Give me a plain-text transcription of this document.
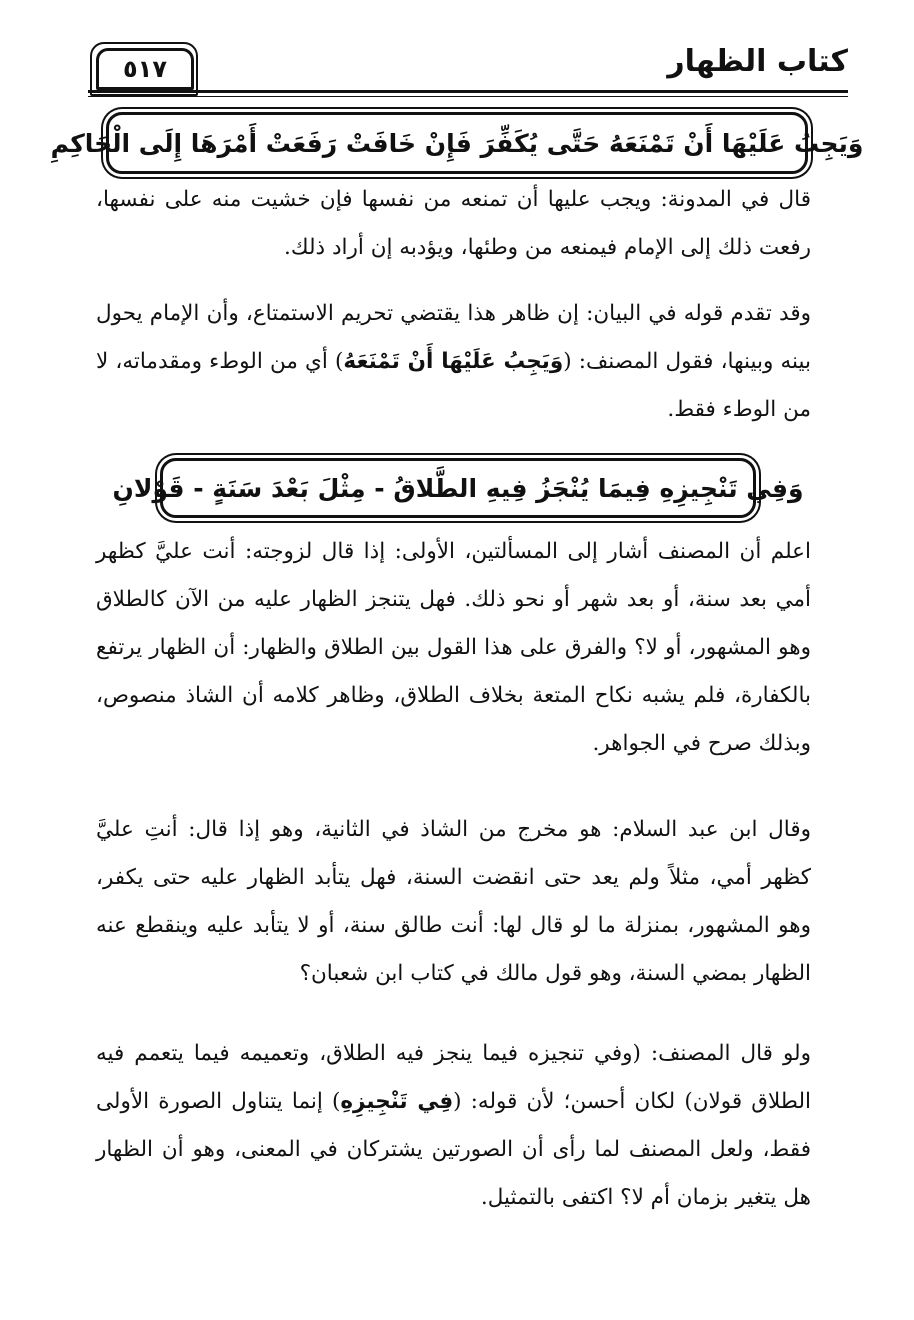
٥١٧	كتاب الظهار
وَيَجِبُ عَلَيْهَا أَنْ تَمْنَعَهُ حَتَّى يُكَفِّرَ فَإِنْ خَافَتْ رَفَعَتْ أَمْرَهَا إِلَى الْحَاكِمِ
قال في المدونة: ويجب عليها أن تمنعه من نفسها فإن خشيت منه على نفسها، رفعت ذلك إلى الإمام فيمنعه من وطئها، ويؤدبه إن أراد ذلك.
وقد تقدم قوله في البيان: إن ظاهر هذا يقتضي تحريم الاستمتاع، وأن الإمام يحول بينه وبينها، فقول المصنف: (وَيَجِبُ عَلَيْهَا أَنْ تَمْنَعَهُ) أي من الوطء ومقدماته، لا من الوطء فقط.
وَفِي تَنْجِيزِهِ فِيمَا يُنْجَزُ فِيهِ الطَّلاقُ - مِثْلَ بَعْدَ سَنَةٍ - قَوْلانِ
اعلم أن المصنف أشار إلى المسألتين، الأولى: إذا قال لزوجته: أنت عليَّ كظهر أمي بعد سنة، أو بعد شهر أو نحو ذلك. فهل يتنجز الظهار عليه من الآن كالطلاق وهو المشهور، أو لا؟ والفرق على هذا القول بين الطلاق والظهار: أن الظهار يرتفع بالكفارة، فلم يشبه نكاح المتعة بخلاف الطلاق، وظاهر كلامه أن الشاذ منصوص، وبذلك صرح في الجواهر.
وقال ابن عبد السلام: هو مخرج من الشاذ في الثانية، وهو إذا قال: أنتِ عليَّ كظهر أمي، مثلاً ولم يعد حتى انقضت السنة، فهل يتأبد الظهار عليه حتى يكفر، وهو المشهور، بمنزلة ما لو قال لها: أنت طالق سنة، أو لا يتأبد عليه وينقطع عنه الظهار بمضي السنة، وهو قول مالك في كتاب ابن شعبان؟
ولو قال المصنف: (وفي تنجيزه فيما ينجز فيه الطلاق، وتعميمه فيما يتعمم فيه الطلاق قولان) لكان أحسن؛ لأن قوله: (فِي تَنْجِيزِهِ) إنما يتناول الصورة الأولى فقط، ولعل المصنف لما رأى أن الصورتين يشتركان في المعنى، وهو أن الظهار هل يتغير بزمان أم لا؟ اكتفى بالتمثيل.
